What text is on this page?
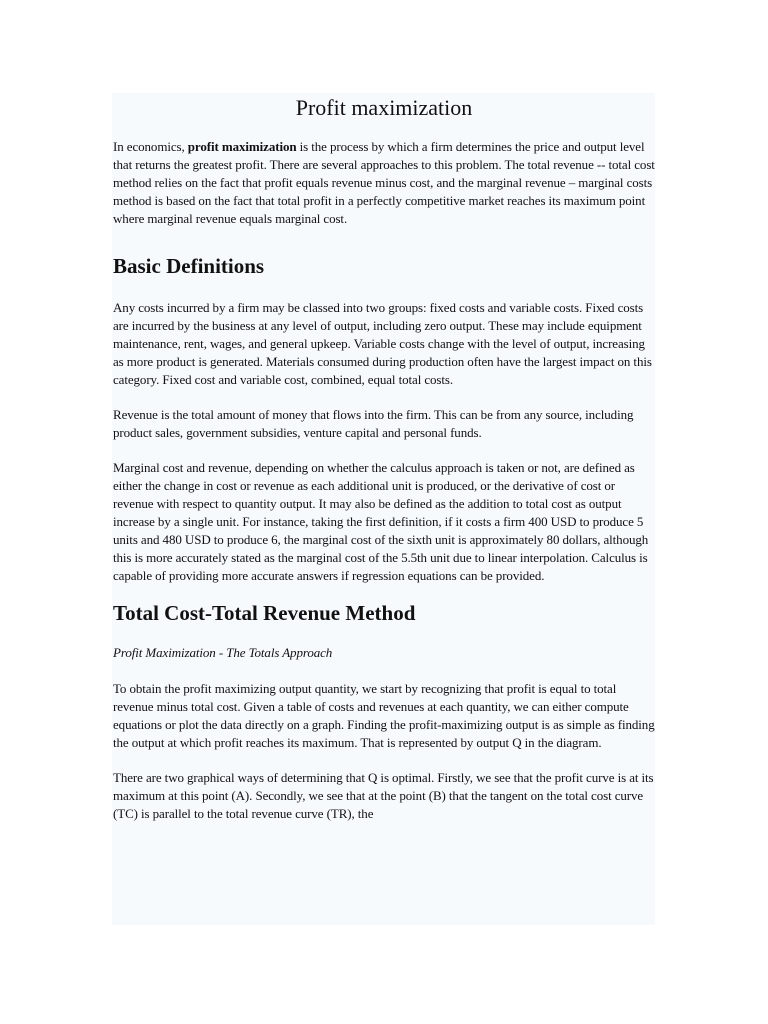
Profit maximization

In economics, profit maximization is the process by which a firm determines the price and output level that returns the greatest profit. There are several approaches to this problem. The total revenue -- total cost method relies on the fact that profit equals revenue minus cost, and the marginal revenue – marginal costs method is based on the fact that total profit in a perfectly competitive market reaches its maximum point where marginal revenue equals marginal cost.

Basic Definitions

Any costs incurred by a firm may be classed into two groups: fixed costs and variable costs. Fixed costs are incurred by the business at any level of output, including zero output. These may include equipment maintenance, rent, wages, and general upkeep. Variable costs change with the level of output, increasing as more product is generated. Materials consumed during production often have the largest impact on this category. Fixed cost and variable cost, combined, equal total costs.

Revenue is the total amount of money that flows into the firm. This can be from any source, including product sales, government subsidies, venture capital and personal funds.

Marginal cost and revenue, depending on whether the calculus approach is taken or not, are defined as either the change in cost or revenue as each additional unit is produced, or the derivative of cost or revenue with respect to quantity output. It may also be defined as the addition to total cost as output increase by a single unit. For instance, taking the first definition, if it costs a firm 400 USD to produce 5 units and 480 USD to produce 6, the marginal cost of the sixth unit is approximately 80 dollars, although this is more accurately stated as the marginal cost of the 5.5th unit due to linear interpolation. Calculus is capable of providing more accurate answers if regression equations can be provided.

Total Cost-Total Revenue Method

Profit Maximization - The Totals Approach

To obtain the profit maximizing output quantity, we start by recognizing that profit is equal to total revenue minus total cost. Given a table of costs and revenues at each quantity, we can either compute equations or plot the data directly on a graph. Finding the profit-maximizing output is as simple as finding the output at which profit reaches its maximum. That is represented by output Q in the diagram.

There are two graphical ways of determining that Q is optimal. Firstly, we see that the profit curve is at its maximum at this point (A). Secondly, we see that at the point (B) that the tangent on the total cost curve (TC) is parallel to the total revenue curve (TR), the
